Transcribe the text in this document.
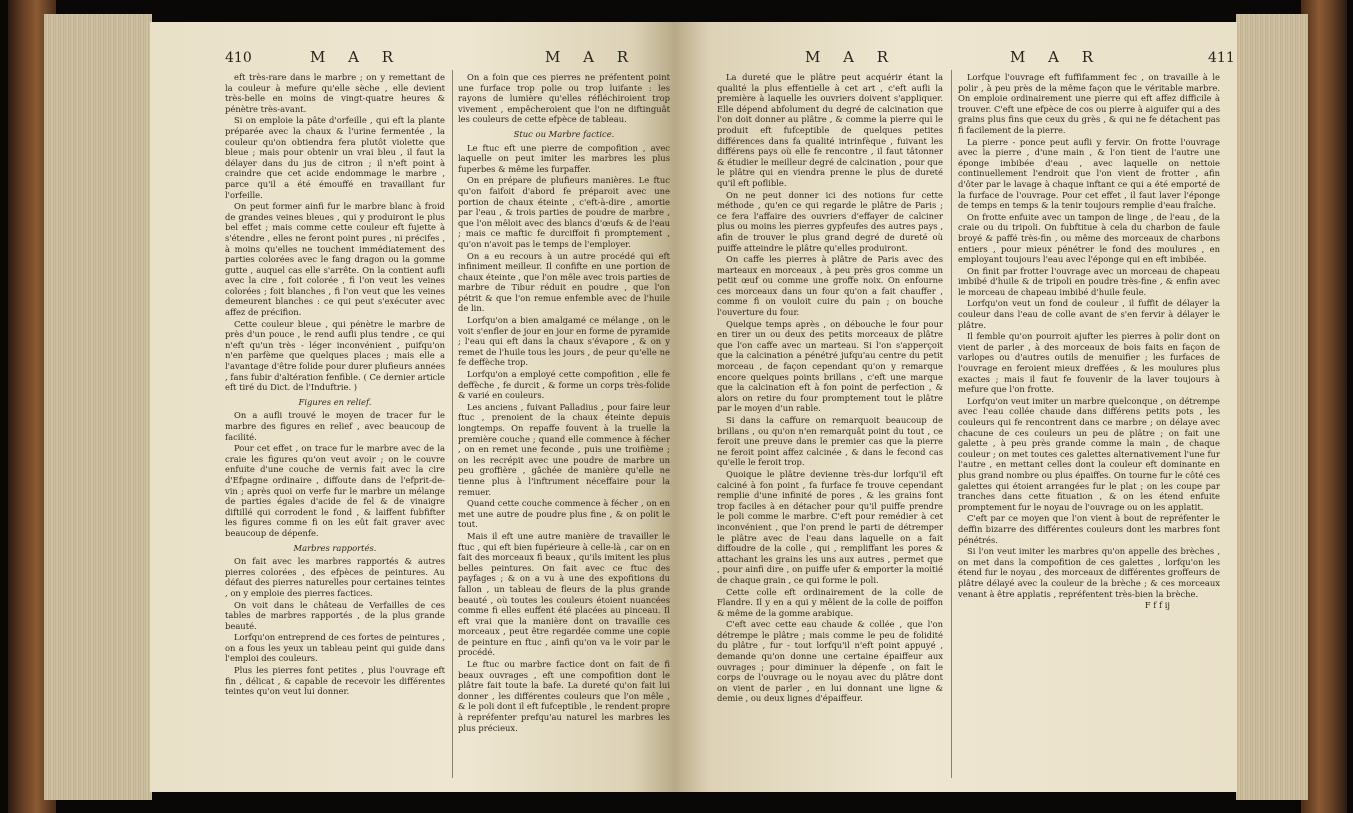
410	M A R	M A R

eft très-rare dans le marbre ; on y remettant de la couleur à mefure qu'elle sèche , elle devient très-belle en moins de vingt-quatre heures & pénètre très-avant.

Si on emploie la pâte d'orfeille , qui eft la plante préparée avec la chaux & l'urine fermentée , la couleur qu'on obtiendra fera plutôt violette que bleue ; mais pour obtenir un vrai bleu , il faut la délayer dans du jus de citron ; il n'eft point à craindre que cet acide endommage le marbre , parce qu'il a été émouffé en travaillant fur l'orfeille.

On peut former ainfi fur le marbre blanc à froid de grandes veines bleues , qui y produiront le plus bel effet ; mais comme cette couleur eft fujette à s'étendre , elles ne feront point pures , ni précifes , à moins qu'elles ne touchent immédiatement des parties colorées avec le fang dragon ou la gomme gutte , auquel cas elle s'arrête. On la contient aufli avec la cire , foit colorée , fi l'on veut les veines colorées ; foit blanches , fi l'on veut que les veines demeurent blanches : ce qui peut s'exécuter avec affez de précifion.

Cette couleur bleue , qui pénètre le marbre de près d'un pouce , le rend aufli plus tendre , ce qui n'eft qu'un très - léger inconvénient , puifqu'on n'en parfème que quelques places ; mais elle a l'avantage d'être folide pour durer plufieurs années , fans fubir d'altération fenfible. ( Ce dernier article eft tiré du Dict. de l'Induftrie. )

Figures en relief.

On a aufli trouvé le moyen de tracer fur le marbre des figures en relief , avec beaucoup de facilité.

Pour cet effet , on trace fur le marbre avec de la craie les figures qu'on veut avoir ; on le couvre enfuite d'une couche de vernis fait avec la cire d'Efpagne ordinaire , diffoute dans de l'efprit-de-vin ; après quoi on verfe fur le marbre un mélange de parties égales d'acide de fel & de vinaigre diftillé qui corrodent le fond , & laiffent fubfifter les figures comme fi on les eût fait graver avec beaucoup de dépenfe.

Marbres rapportés.

On fait avec les marbres rapportés & autres pierres colorées , des efpèces de peintures. Au défaut des pierres naturelles pour certaines teintes , on y emploie des pierres factices.

On voit dans le château de Verfailles de ces tables de marbres rapportés , de la plus grande beauté.

Lorfqu'on entreprend de ces fortes de peintures , on a fous les yeux un tableau peint qui guide dans l'emploi des couleurs.

Plus les pierres font petites , plus l'ouvrage eft fin , délicat , & capable de recevoir les différentes teintes qu'on veut lui donner.

On a foin que ces pierres ne préfentent point une furface trop polie ou trop luifante : les rayons de lumière qu'elles réfléchiroient trop vivement , empêcheroient que l'on ne diftinguât les couleurs de cette efpèce de tableau.

Stuc ou Marbre factice.

Le ftuc eft une pierre de compofition , avec laquelle on peut imiter les marbres les plus fuperbes & même les furpaffer.

On en prépare de plufieurs manières. Le ftuc qu'on faifoit d'abord fe préparoit avec une portion de chaux éteinte , c'eft-à-dire , amortie par l'eau , & trois parties de poudre de marbre , que l'on mêloit avec des blancs d'œufs & de l'eau ; mais ce maftic fe durciffoit fi promptement , qu'on n'avoit pas le temps de l'employer.

On a eu recours à un autre procédé qui eft infiniment meilleur. Il confifte en une portion de chaux éteinte , que l'on mêle avec trois parties de marbre de Tibur réduit en poudre , que l'on pétrit & que l'on remue enfemble avec de l'huile de lin.

Lorfqu'on a bien amalgamé ce mélange , on le voit s'enfler de jour en jour en forme de pyramide ; l'eau qui eft dans la chaux s'évapore , & on y remet de l'huile tous les jours , de peur qu'elle ne fe deffèche trop.

Lorfqu'on a employé cette compofition , elle fe deffèche , fe durcit , & forme un corps très-folide & varié en couleurs.

Les anciens , fuivant Palladius , pour faire leur ftuc , prenoient de la chaux éteinte depuis longtemps. On repaffe fouvent à la truelle la première couche ; quand elle commence à fécher , on en remet une feconde , puis une troifième ; on les recrépit avec une poudre de marbre un peu groffière , gâchée de manière qu'elle ne tienne plus à l'inftrument néceffaire pour la remuer.

Quand cette couche commence à fécher , on en met une autre de poudre plus fine , & on polit le tout.

Mais il eft une autre manière de travailler le ftuc , qui eft bien fupérieure à celle-là , car on en fait des morceaux fi beaux , qu'ils imitent les plus belles peintures. On fait avec ce ftuc des payfages ; & on a vu à une des expofitions du fallon , un tableau de fleurs de la plus grande beauté , où toutes les couleurs étoient nuancées comme fi elles euffent été placées au pinceau. Il eft vrai que la manière dont on travaille ces morceaux , peut être regardée comme une copie de peinture en ftuc , ainfi qu'on va le voir par le procédé.

Le ftuc ou marbre factice dont on fait de fi beaux ouvrages , eft une compofition dont le plâtre fait toute la bafe. La dureté qu'on fait lui donner , les différentes couleurs que l'on mêle , & le poli dont il eft fufceptible , le rendent propre à repréfenter prefqu'au naturel les marbres les plus précieux.

M A R	M A R	411

La dureté que le plâtre peut acquérir étant la qualité la plus effentielle à cet art , c'eft aufli la première à laquelle les ouvriers doivent s'appliquer. Elle dépend abfolument du degré de calcination que l'on doit donner au plâtre , & comme la pierre qui le produit eft fufceptible de quelques petites différences dans fa qualité intrinfèque , fuivant les différens pays où elle fe rencontre , il faut tâtonner & étudier le meilleur degré de calcination , pour que le plâtre qui en viendra prenne le plus de dureté qu'il eft poflible.

On ne peut donner ici des notions fur cette méthode , qu'en ce qui regarde le plâtre de Paris ; ce fera l'affaire des ouvriers d'effayer de calciner plus ou moins les pierres gypfeufes des autres pays , afin de trouver le plus grand degré de dureté où puiffe atteindre le plâtre qu'elles produiront.

On caffe les pierres à plâtre de Paris avec des marteaux en morceaux , à peu près gros comme un petit œuf ou comme une groffe noix. On enfourne ces morceaux dans un four qu'on a fait chauffer , comme fi on vouloit cuire du pain ; on bouche l'ouverture du four.

Quelque temps après , on débouche le four pour en tirer un ou deux des petits morceaux de plâtre que l'on caffe avec un marteau. Si l'on s'apperçoit que la calcination a pénétré jufqu'au centre du petit morceau , de façon cependant qu'on y remarque encore quelques points brillans , c'eft une marque que la calcination eft à fon point de perfection , & alors on retire du four promptement tout le plâtre par le moyen d'un rable.

Si dans la caffure on remarquoit beaucoup de brillans , ou qu'on n'en remarquât point du tout , ce feroit une preuve dans le premier cas que la pierre ne feroit point affez calcinée , & dans le fecond cas qu'elle le feroit trop.

Quoique le plâtre devienne très-dur lorfqu'il eft calciné à fon point , fa furface fe trouve cependant remplie d'une infinité de pores , & les grains font trop faciles à en détacher pour qu'il puiffe prendre le poli comme le marbre. C'eft pour remédier à cet inconvénient , que l'on prend le parti de détremper le plâtre avec de l'eau dans laquelle on a fait diffoudre de la colle , qui , rempliffant les pores & attachant les grains les uns aux autres , permet que , pour ainfi dire , on puiffe ufer & emporter la moitié de chaque grain , ce qui forme le poli.

Cette colle eft ordinairement de la colle de Flandre. Il y en a qui y mêlent de la colle de poiffon & même de la gomme arabique.

C'eft avec cette eau chaude & collée , que l'on détrempe le plâtre ; mais comme le peu de folidité du plâtre , fur - tout lorfqu'il n'eft point appuyé , demande qu'on donne une certaine épaiffeur aux ouvrages ; pour diminuer la dépenfe , on fait le corps de l'ouvrage ou le noyau avec du plâtre dont on vient de parler , en lui donnant une ligne & demie , ou deux lignes d'épaiffeur.

Lorfque l'ouvrage eft fuffifamment fec , on travaille à le polir , à peu près de la même façon que le véritable marbre. On emploie ordinairement une pierre qui eft affez difficile à trouver. C'eft une efpèce de cos ou pierre à aiguifer qui a des grains plus fins que ceux du grès , & qui ne fe détachent pas fi facilement de la pierre.

La pierre - ponce peut aufli y fervir. On frotte l'ouvrage avec la pierre , d'une main , & l'on tient de l'autre une éponge imbibée d'eau , avec laquelle on nettoie continuellement l'endroit que l'on vient de frotter , afin d'ôter par le lavage à chaque inftant ce qui a été emporté de la furface de l'ouvrage. Pour cet effet , il faut laver l'éponge de temps en temps & la tenir toujours remplie d'eau fraîche.

On frotte enfuite avec un tampon de linge , de l'eau , de la craie ou du tripoli. On fubftitue à cela du charbon de faule broyé & paffé très-fin , ou même des morceaux de charbons entiers , pour mieux pénétrer le fond des moulures , en employant toujours l'eau avec l'éponge qui en eft imbibée.

On finit par frotter l'ouvrage avec un morceau de chapeau imbibé d'huile & de tripoli en poudre très-fine , & enfin avec le morceau de chapeau imbibé d'huile feule.

Lorfqu'on veut un fond de couleur , il fuffit de délayer la couleur dans l'eau de colle avant de s'en fervir à délayer le plâtre.

Il femble qu'on pourroit ajufter les pierres à polir dont on vient de parler , à des morceaux de bois faits en façon de varlopes ou d'autres outils de menuifier ; les furfaces de l'ouvrage en feroient mieux dreffées , & les moulures plus exactes ; mais il faut fe fouvenir de la laver toujours à mefure que l'on frotte.

Lorfqu'on veut imiter un marbre quelconque , on détrempe avec l'eau collée chaude dans différens petits pots , les couleurs qui fe rencontrent dans ce marbre ; on délaye avec chacune de ces couleurs un peu de plâtre ; on fait une galette , à peu près grande comme la main , de chaque couleur ; on met toutes ces galettes alternativement l'une fur l'autre , en mettant celles dont la couleur eft dominante en plus grand nombre ou plus épaiffes. On tourne fur le côté ces galettes qui étoient arrangées fur le plat ; on les coupe par tranches dans cette fituation , & on les étend enfuite promptement fur le noyau de l'ouvrage ou on les applatit.

C'eft par ce moyen que l'on vient à bout de repréfenter le deffin bizarre des différentes couleurs dont les marbres font pénétrés.

Si l'on veut imiter les marbres qu'on appelle des brèches , on met dans la compofition de ces galettes , lorfqu'on les étend fur le noyau , des morceaux de différentes groffeurs de plâtre délayé avec la couleur de la brèche ; & ces morceaux venant à être applatis , repréfentent très-bien la brèche.

F f f ij
